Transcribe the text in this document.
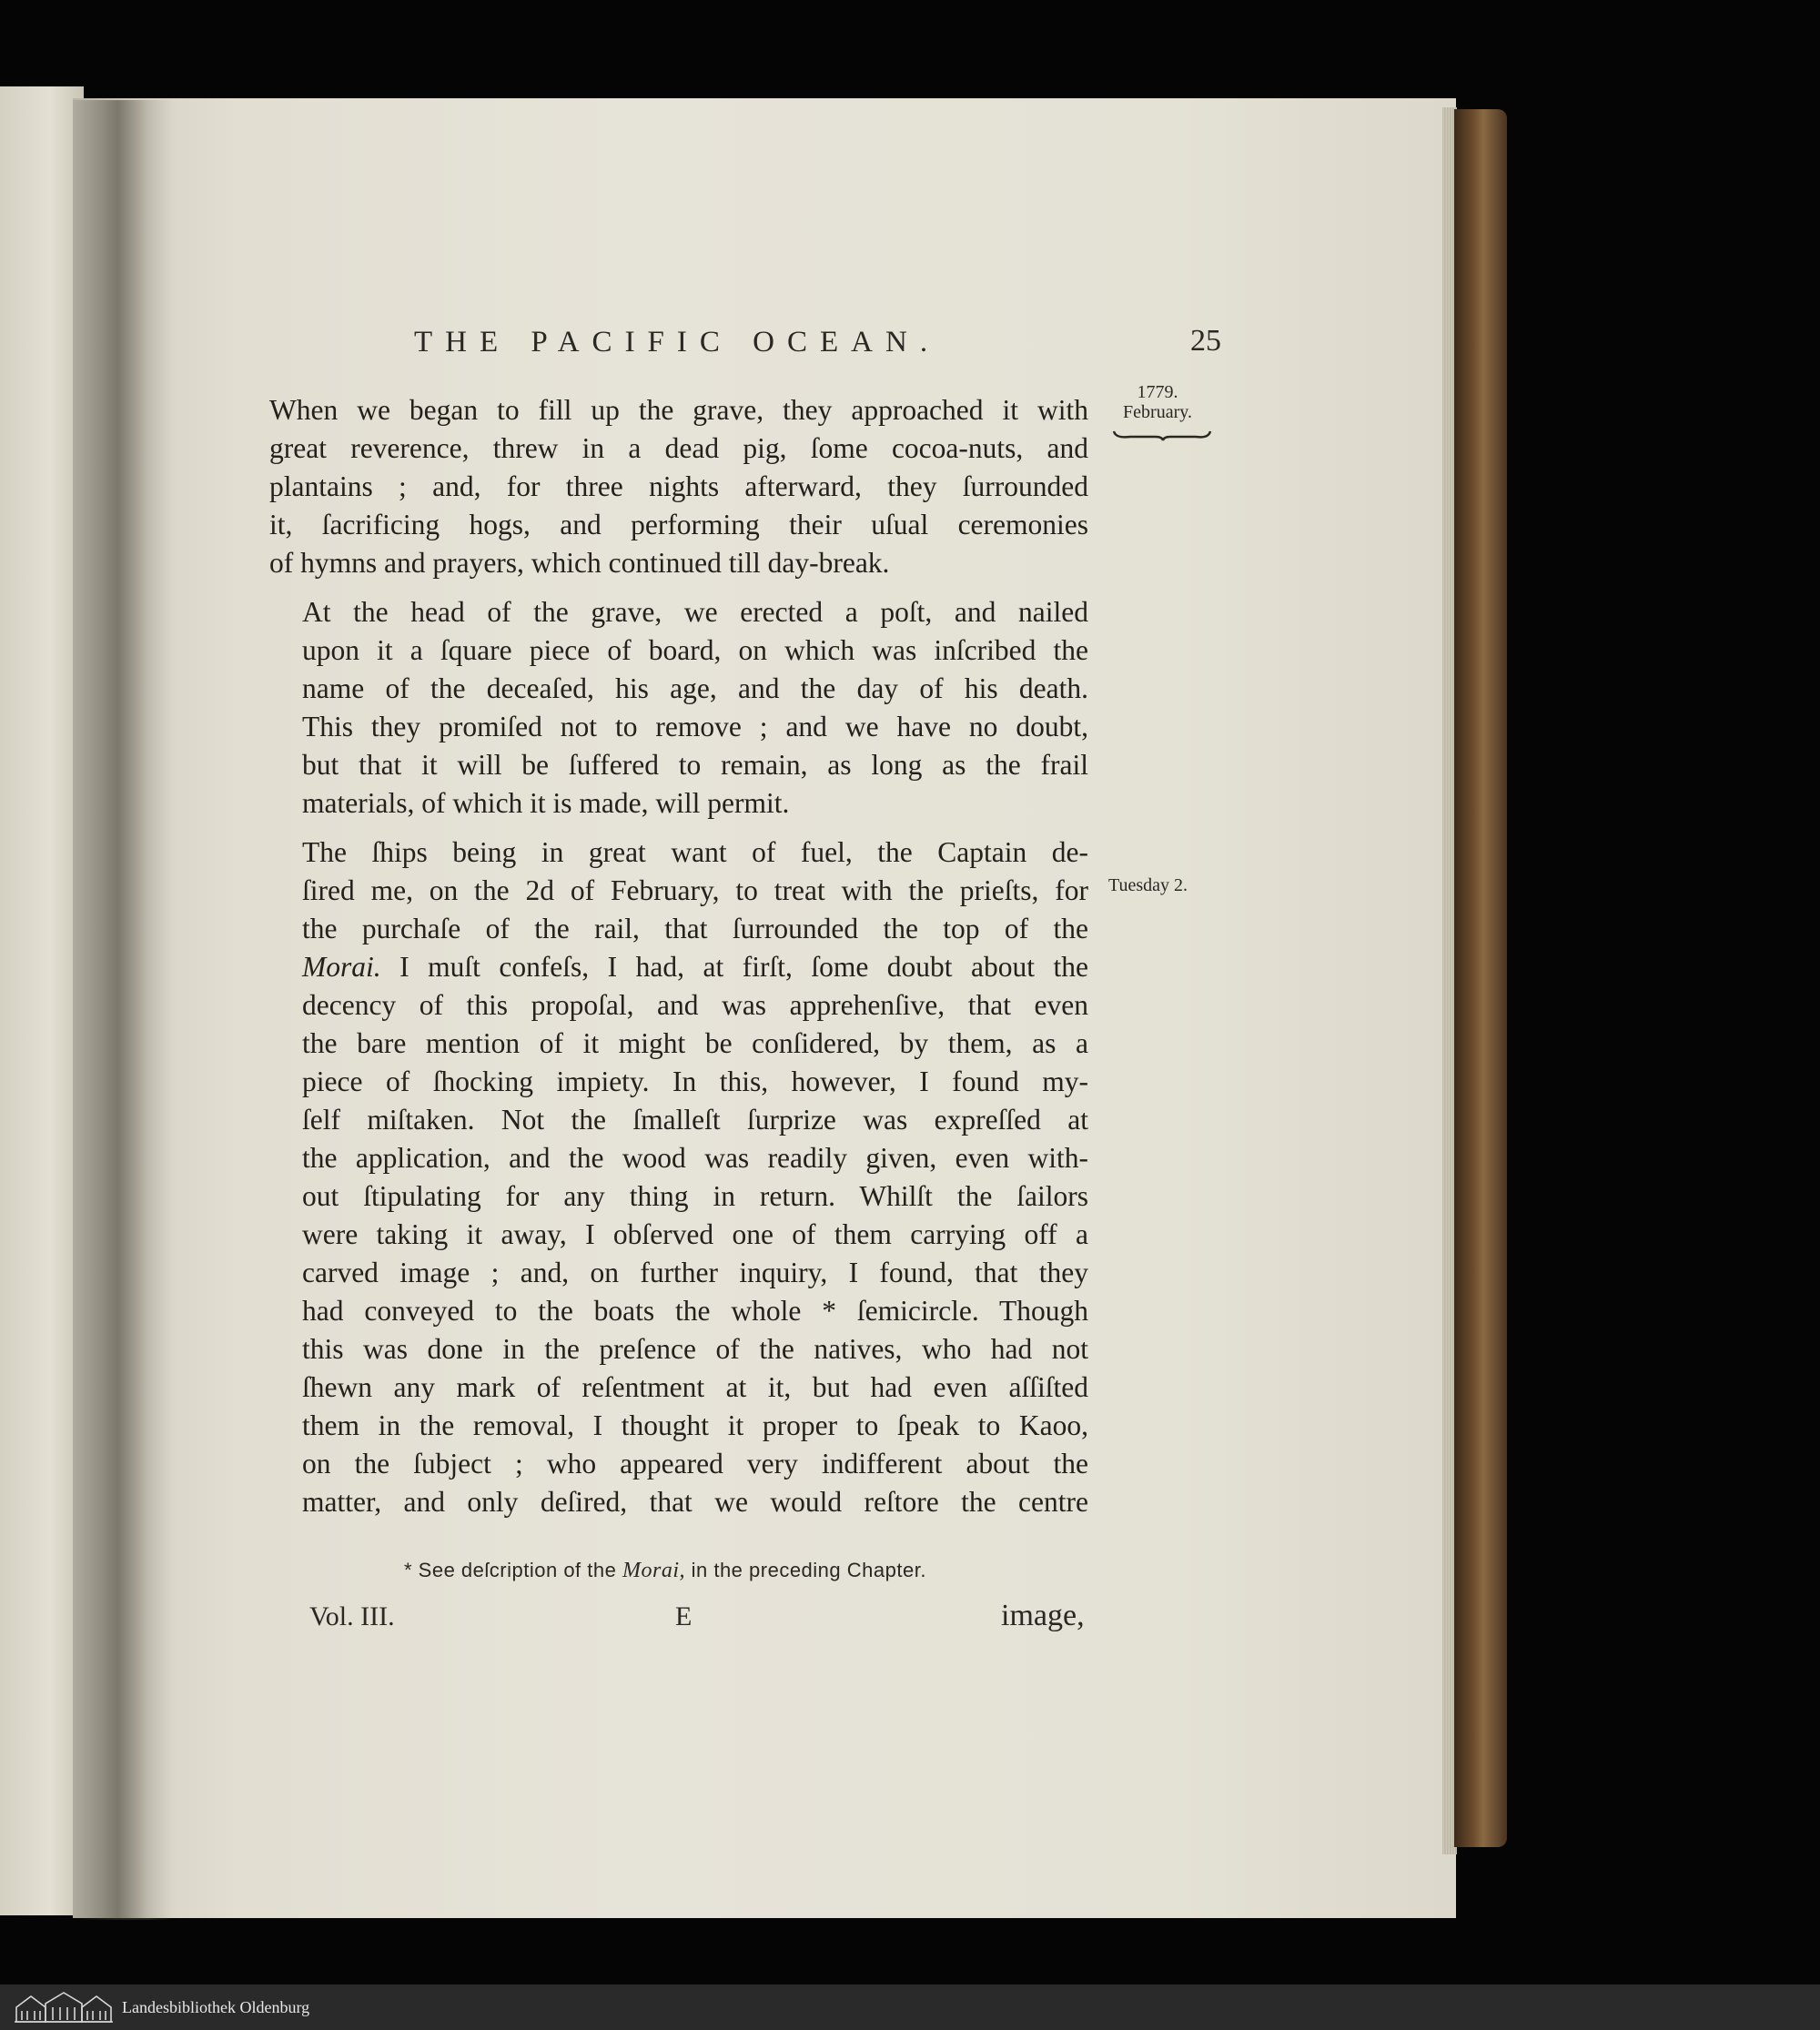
THE PACIFIC OCEAN.	25
1779.
February.
Tuesday 2.

When we began to fill up the grave, they approached it with
great reverence, threw in a dead pig, ſome cocoa-nuts, and
plantains ; and, for three nights afterward, they ſurrounded
it, ſacrificing hogs, and performing their uſual ceremonies
of hymns and prayers, which continued till day-break.

At the head of the grave, we erected a poſt, and nailed
upon it a ſquare piece of board, on which was inſcribed the
name of the deceaſed, his age, and the day of his death.
This they promiſed not to remove ; and we have no doubt,
but that it will be ſuffered to remain, as long as the frail
materials, of which it is made, will permit.

The ſhips being in great want of fuel, the Captain de-
ſired me, on the 2d of February, to treat with the prieſts, for
the purchaſe of the rail, that ſurrounded the top of the
Morai. I muſt confeſs, I had, at firſt, ſome doubt about the
decency of this propoſal, and was apprehenſive, that even
the bare mention of it might be conſidered, by them, as a
piece of ſhocking impiety. In this, however, I found my-
ſelf miſtaken. Not the ſmalleſt ſurprize was expreſſed at
the application, and the wood was readily given, even with-
out ſtipulating for any thing in return. Whilſt the ſailors
were taking it away, I obſerved one of them carrying off a
carved image ; and, on further inquiry, I found, that they
had conveyed to the boats the whole * ſemicircle. Though
this was done in the preſence of the natives, who had not
ſhewn any mark of reſentment at it, but had even aſſiſted
them in the removal, I thought it proper to ſpeak to Kaoo,
on the ſubject ; who appeared very indifferent about the
matter, and only deſired, that we would reſtore the centre

* See deſcription of the Morai, in the preceding Chapter.
Vol. III.	E	image,
Landesbibliothek Oldenburg
